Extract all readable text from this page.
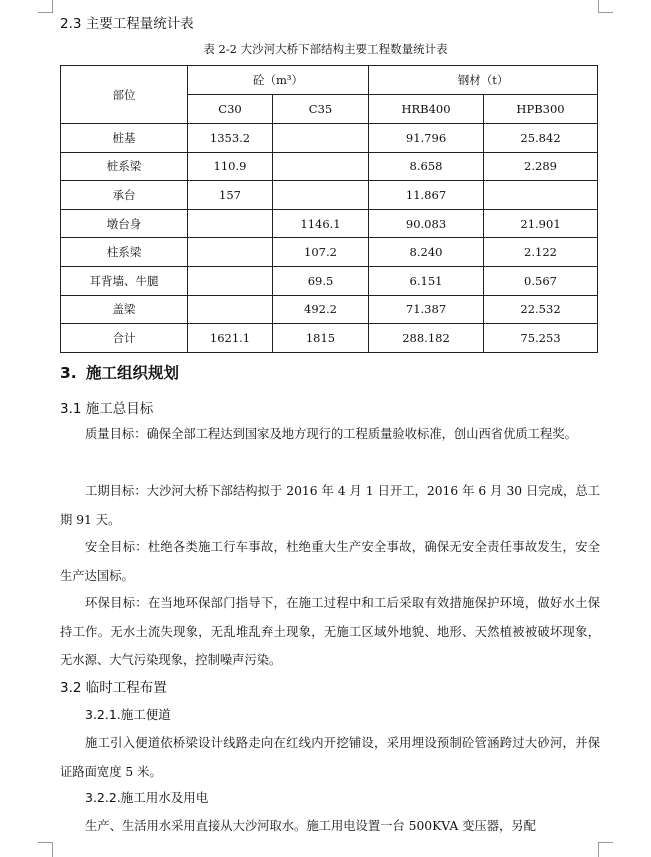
2.3 主要工程量统计表
表 2-2 大沙河大桥下部结构主要工程数量统计表
部位	砼（m³）		钢材（t）	
	C30	C35	HRB400	HPB300
桩基	1353.2		91.796	25.842
桩系梁	110.9		8.658	2.289
承台	157		11.867	
墩台身		1146.1	90.083	21.901
柱系梁		107.2	8.240	2.122
耳背墙、牛腿		69.5	6.151	0.567
盖梁		492.2	71.387	22.532
合计	1621.1	1815	288.182	75.253
3. 施工组织规划
3.1 施工总目标
质量目标：确保全部工程达到国家及地方现行的工程质量验收标准，创山西省优质工程奖。
工期目标：大沙河大桥下部结构拟于 2016 年 4 月 1 日开工，2016 年 6 月 30 日完成，总工期 91 天。
安全目标：杜绝各类施工行车事故，杜绝重大生产安全事故，确保无安全责任事故发生，安全生产达国标。
环保目标：在当地环保部门指导下，在施工过程中和工后采取有效措施保护环境，做好水土保持工作。无水土流失现象，无乱堆乱弃土现象，无施工区域外地貌、地形、天然植被被破坏现象，无水源、大气污染现象，控制噪声污染。
3.2 临时工程布置
3.2.1.施工便道
施工引入便道依桥梁设计线路走向在红线内开挖铺设，采用埋设预制砼管涵跨过大砂河，并保证路面宽度 5 米。
3.2.2.施工用水及用电
生产、生活用水采用直接从大沙河取水。施工用电设置一台 500KVA 变压器，另配
